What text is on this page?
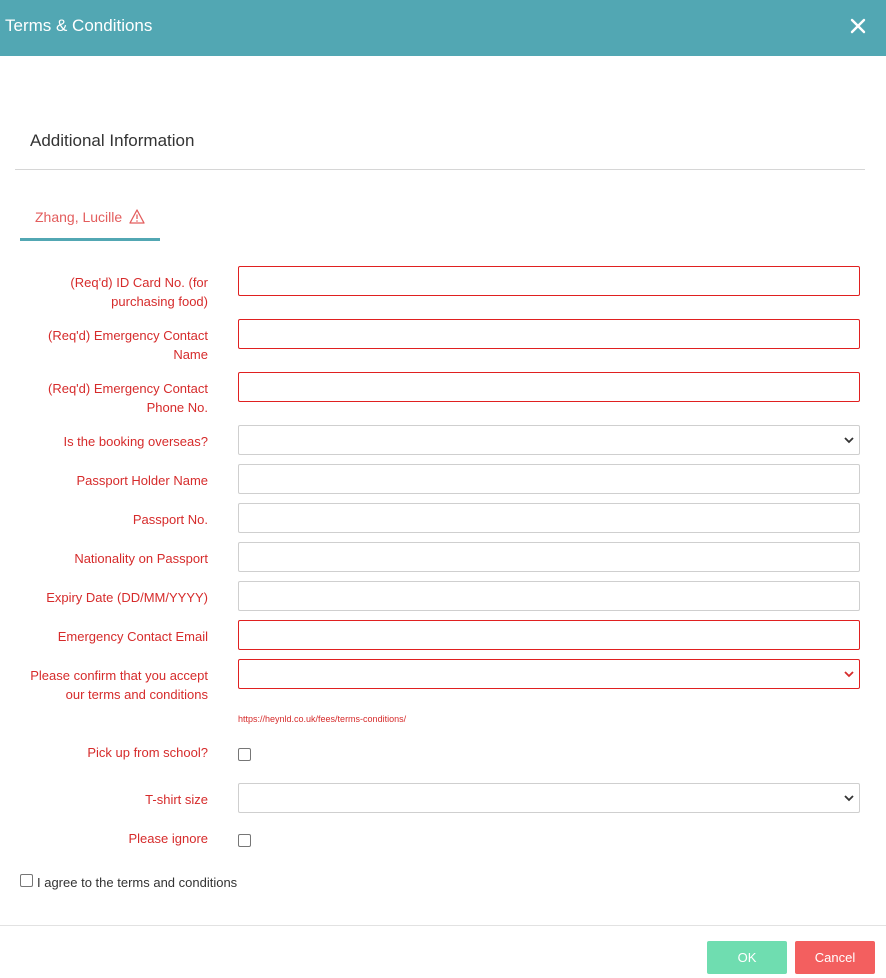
Terms & Conditions
Additional Information
Zhang, Lucille
(Req'd) ID Card No. (for purchasing food)
(Req'd) Emergency Contact Name
(Req'd) Emergency Contact Phone No.
Is the booking overseas?
Passport Holder Name
Passport No.
Nationality on Passport
Expiry Date (DD/MM/YYYY)
Emergency Contact Email
Please confirm that you accept our terms and conditions
https://heynld.co.uk/fees/terms-conditions/
Pick up from school?
T-shirt size
Please ignore
I agree to the terms and conditions
OK	Cancel
